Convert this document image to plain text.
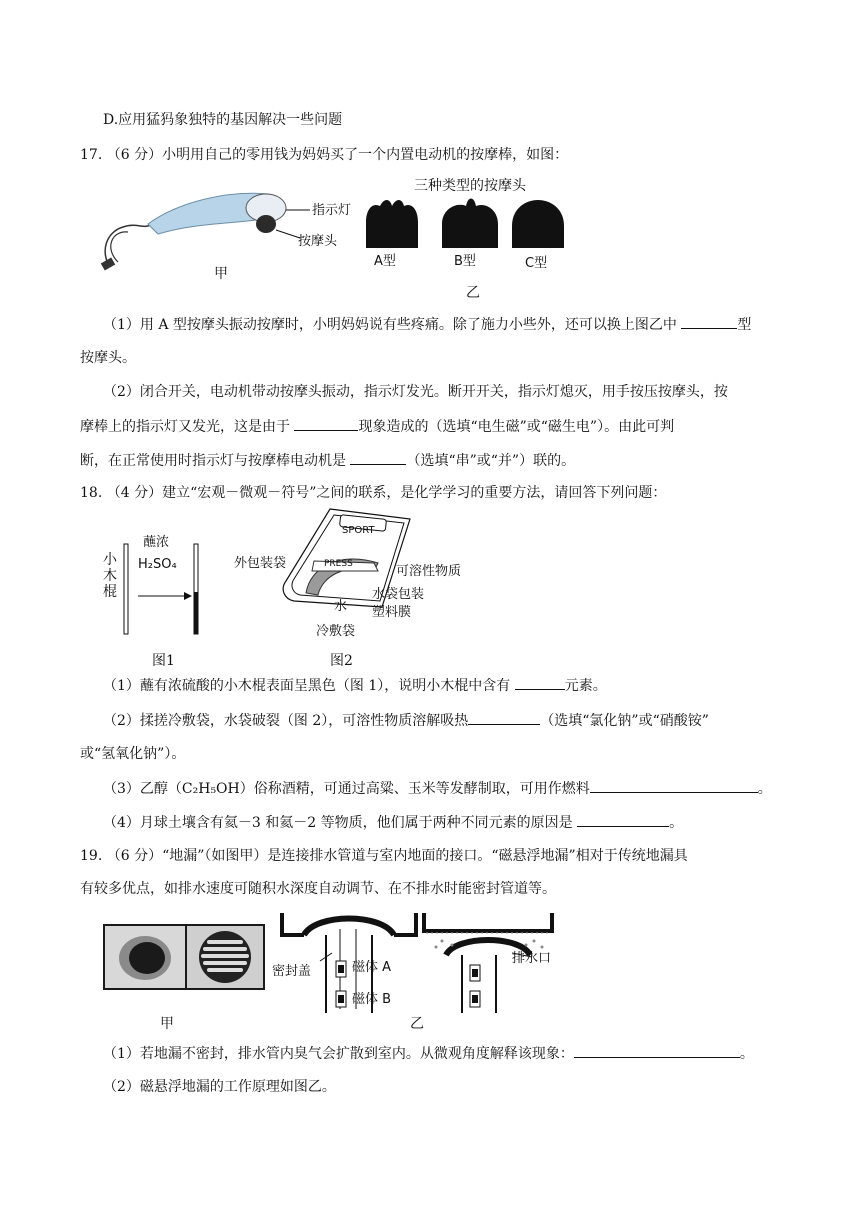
D.应用猛犸象独特的基因解决一些问题
17. （6 分）小明用自己的零用钱为妈妈买了一个内置电动机的按摩棒，如图：
指示灯
按摩头
甲
三种类型的按摩头
A型	B型	C型
乙
（1）用 A 型按摩头振动按摩时，小明妈妈说有些疼痛。除了施力小些外，还可以换上图乙中	型
按摩头。
（2）闭合开关，电动机带动按摩头振动，指示灯发光。断开开关，指示灯熄灭，用手按压按摩头，按
摩棒上的指示灯又发光，这是由于	现象造成的（选填“电生磁”或“磁生电”）。由此可判
断，在正常使用时指示灯与按摩棒电动机是	（选填“串”或“并”）联的。
18. （4 分）建立“宏观－微观－符号”之间的联系，是化学学习的重要方法，请回答下列问题：
小木棍
蘸浓
H₂SO₄
图1
SPORT
PRESS
外包装袋
可溶性物质
水
水袋包装
塑料膜
冷敷袋
图2
（1）蘸有浓硫酸的小木棍表面呈黑色（图 1），说明小木棍中含有	元素。
（2）揉搓冷敷袋，水袋破裂（图 2），可溶性物质溶解吸热	（选填“氯化钠”或“硝酸铵”
或“氢氧化钠”）。
（3）乙醇（C₂H₅OH）俗称酒精，可通过高粱、玉米等发酵制取，可用作燃料	。
（4）月球土壤含有氦－3 和氦－2 等物质，他们属于两种不同元素的原因是	。
19. （6 分）“地漏”（如图甲）是连接排水管道与室内地面的接口。“磁悬浮地漏”相对于传统地漏具
有较多优点，如排水速度可随积水深度自动调节、在不排水时能密封管道等。
甲
密封盖	磁体 A
磁体 B
排水口
乙
（1）若地漏不密封，排水管内臭气会扩散到室内。从微观角度解释该现象：	。
（2）磁悬浮地漏的工作原理如图乙。
